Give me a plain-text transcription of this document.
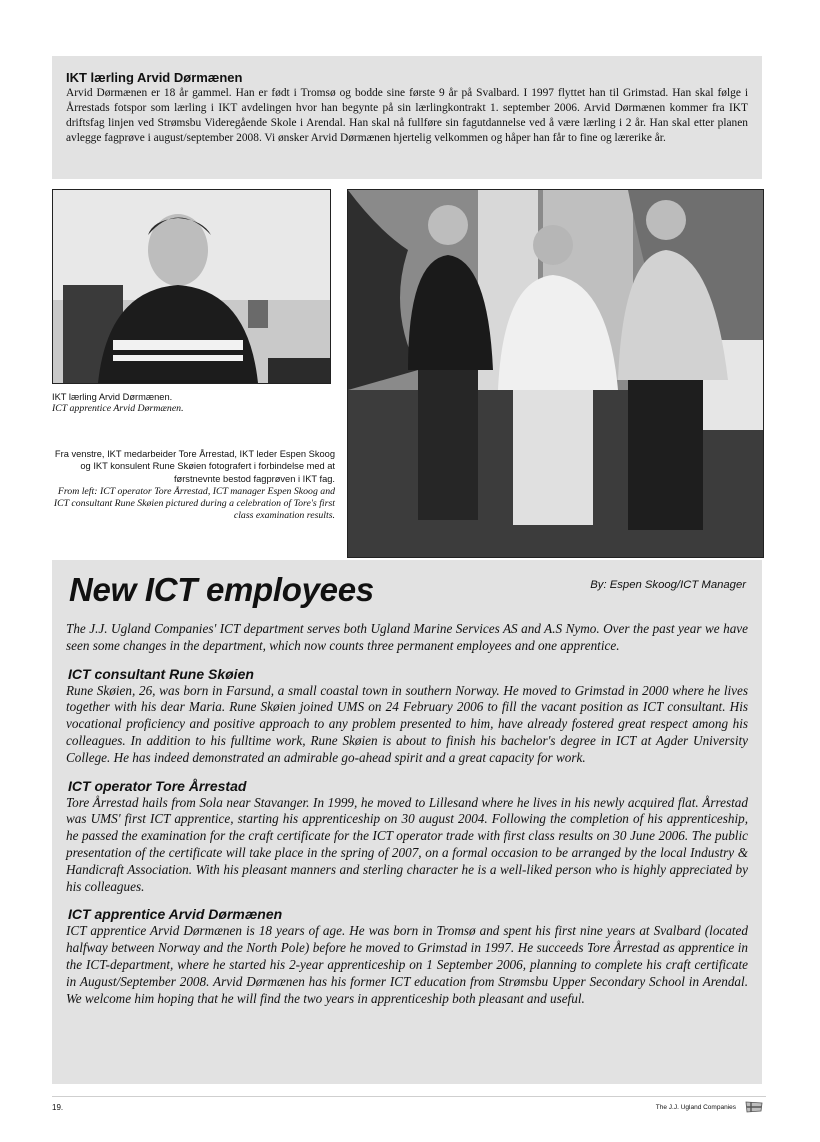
IKT lærling Arvid Dørmænen

Arvid Dørmænen er 18 år gammel. Han er født i Tromsø og bodde sine første 9 år på Svalbard. I 1997 flyttet han til Grimstad. Han skal følge i Årrestads fotspor som lærling i IKT avdelingen hvor han begynte på sin lærlingkontrakt 1. september 2006. Arvid Dørmænen kommer fra IKT driftsfag linjen ved Strømsbu Videregående Skole i Arendal. Han skal nå fullføre sin fagutdannelse ved å være lærling i 2 år. Han skal etter planen avlegge fagprøve i august/september 2008. Vi ønsker Arvid Dørmænen hjertelig velkommen og håper han får to fine og lærerike år.

IKT lærling Arvid Dørmænen.
ICT apprentice Arvid Dørmænen.
Fra venstre, IKT medarbeider Tore Årrestad, IKT leder Espen Skoog og IKT konsulent Rune Skøien fotografert i forbindelse med at førstnevnte bestod fagprøven i IKT fag.
From left: ICT operator Tore Årrestad, ICT manager Espen Skoog and ICT consultant Rune Skøien pictured during a celebration of Tore's first class examination results.
New ICT employees	By: Espen Skoog/ICT Manager

The J.J. Ugland Companies' ICT department serves both Ugland Marine Services AS and A.S Nymo. Over the past year we have seen some changes in the department, which now counts three permanent employees and one apprentice.

ICT consultant Rune Skøien

Rune Skøien, 26, was born in Farsund, a small coastal town in southern Norway. He moved to Grimstad in 2000 where he lives together with his dear Maria. Rune Skøien joined UMS on 24 February 2006 to fill the vacant position as ICT consultant. His vocational proficiency and positive approach to any problem presented to him, have already fostered great respect among his colleagues. In addition to his fulltime work, Rune Skøien is about to finish his bachelor's degree in ICT at Agder University College. He has indeed demonstrated an admirable go-ahead spirit and a great capacity for work.

ICT operator Tore Årrestad

Tore Årrestad hails from Sola near Stavanger. In 1999, he moved to Lillesand where he lives in his newly acquired flat. Årrestad was UMS' first ICT apprentice, starting his apprenticeship on 30 august 2004. Following the completion of his apprenticeship, he passed the examination for the craft certificate for the ICT operator trade with first class results on 30 June 2006. The public presentation of the certificate will take place in the spring of 2007, on a formal occasion to be arranged by the local Industry & Handicraft Association. With his pleasant manners and sterling character he is a well-liked person who is highly appreciated by his colleagues.

ICT apprentice Arvid Dørmænen

ICT apprentice Arvid Dørmænen is 18 years of age. He was born in Tromsø and spent his first nine years at Svalbard (located halfway between Norway and the North Pole) before he moved to Grimstad in 1997. He succeeds Tore Årrestad as apprentice in the ICT-department, where he started his 2-year apprenticeship on 1 September 2006, planning to complete his craft certificate in August/September 2008. Arvid Dørmænen has his former ICT education from Strømsbu Upper Secondary School in Arendal. We welcome him hoping that he will find the two years in apprenticeship both pleasant and useful.

19.	The J.J. Ugland Companies
